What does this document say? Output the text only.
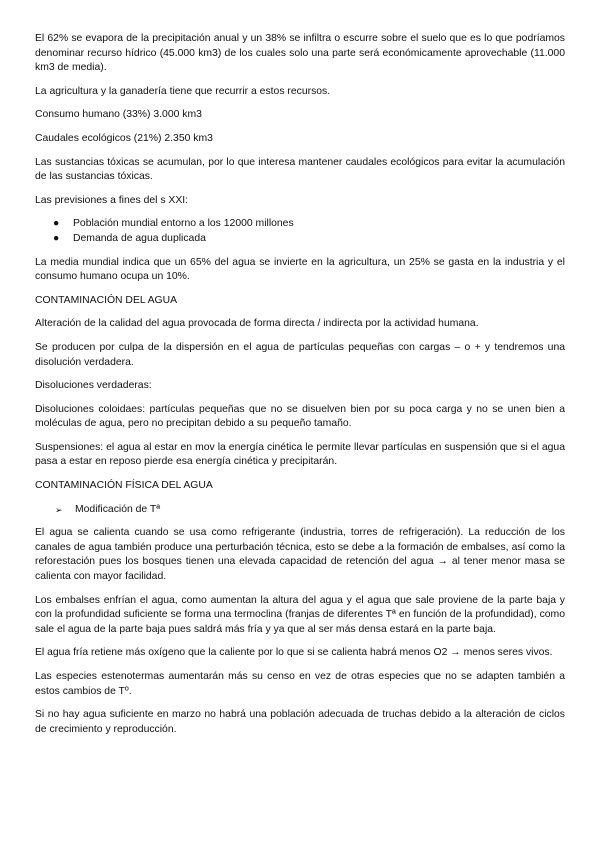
El 62% se evapora de la precipitación anual y un 38% se infiltra o escurre sobre el suelo que es lo que podríamos denominar recurso hídrico (45.000 km3) de los cuales solo una parte será económicamente aprovechable (11.000 km3 de media).

La agricultura y la ganadería tiene que recurrir a estos recursos.

Consumo humano (33%) 3.000 km3

Caudales ecológicos (21%) 2.350 km3

Las sustancias tóxicas se acumulan, por lo que interesa mantener caudales ecológicos para evitar la acumulación de las sustancias tóxicas.

Las previsiones a fines del s XXI:

● Población mundial entorno a los 12000 millones
● Demanda de agua duplicada

La media mundial indica que un 65% del agua se invierte en la agricultura, un 25% se gasta en la industria y el consumo humano ocupa un 10%.

CONTAMINACIÓN DEL AGUA

Alteración de la calidad del agua provocada de forma directa / indirecta por la actividad humana.

Se producen por culpa de la dispersión en el agua de partículas pequeñas con cargas – o + y tendremos una disolución verdadera.

Disoluciones verdaderas:

Disoluciones coloidaes: partículas pequeñas que no se disuelven bien por su poca carga y no se unen bien a moléculas de agua, pero no precipitan debido a su pequeño tamaño.

Suspensiones: el agua al estar en mov la energía cinética le permite llevar partículas en suspensión que si el agua pasa a estar en reposo pierde esa energía cinética y precipitarán.

CONTAMINACIÓN FÍSICA DEL AGUA

➢ Modificación de Tª

El agua se calienta cuando se usa como refrigerante (industria, torres de refrigeración). La reducción de los canales de agua también produce una perturbación técnica, esto se debe a la formación de embalses, así como la reforestación pues los bosques tienen una elevada capacidad de retención del agua → al tener menor masa se calienta con mayor facilidad.

Los embalses enfrían el agua, como aumentan la altura del agua y el agua que sale proviene de la parte baja y con la profundidad suficiente se forma una termoclina (franjas de diferentes Tª en función de la profundidad), como sale el agua de la parte baja pues saldrá más fría y ya que al ser más densa estará en la parte baja.

El agua fría retiene más oxígeno que la caliente por lo que si se calienta habrá menos O2 → menos seres vivos.

Las especies estenotermas aumentarán más su censo en vez de otras especies que no se adapten también a estos cambios de Tº.

Si no hay agua suficiente en marzo no habrá una población adecuada de truchas debido a la alteración de ciclos de crecimiento y reproducción.
